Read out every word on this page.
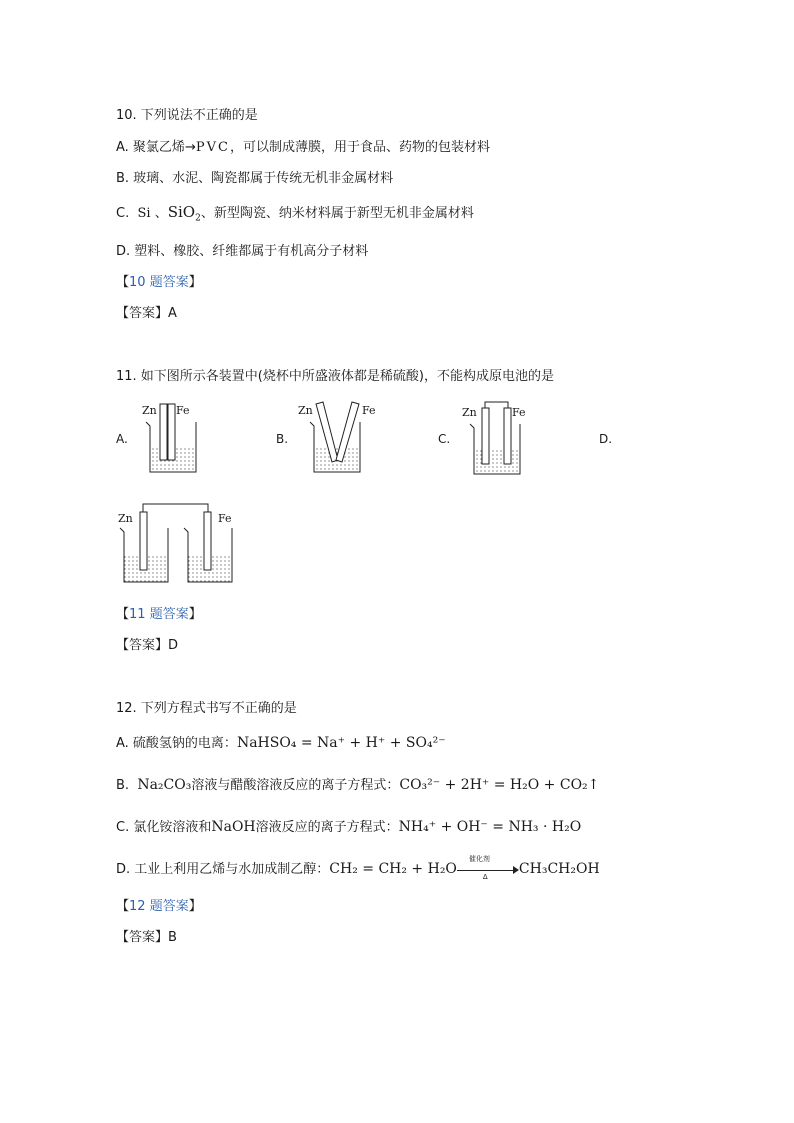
10. 下列说法不正确的是
A. 聚氯乙烯→PVC，可以制成薄膜，用于食品、药物的包装材料
B. 玻璃、水泥、陶瓷都属于传统无机非金属材料
C. Si 、SiO$_2$、新型陶瓷、纳米材料属于新型无机非金属材料
D. 塑料、橡胶、纤维都属于有机高分子材料
【10 题答案】
【答案】A
11. 如下图所示各装置中(烧杯中所盛液体都是稀硫酸)，不能构成原电池的是
A.
Zn Fe
B.
Zn	Fe
C.
Zn	Fe
D.
Zn	Fe
【11 题答案】
【答案】D
12. 下列方程式书写不正确的是
A. 硫酸氢钠的电离：NaHSO₄ = Na⁺ + H⁺ + SO₄²⁻
B. Na₂CO₃溶液与醋酸溶液反应的离子方程式：CO₃²⁻ + 2H⁺ = H₂O + CO₂↑
C. 氯化铵溶液和NaOH溶液反应的离子方程式：NH₄⁺ + OH⁻ = NH₃ · H₂O
D. 工业上利用乙烯与水加成制乙醇：CH₂ = CH₂ + H₂O
催化剂
Δ CH₃CH₂OH
【12 题答案】
【答案】B
